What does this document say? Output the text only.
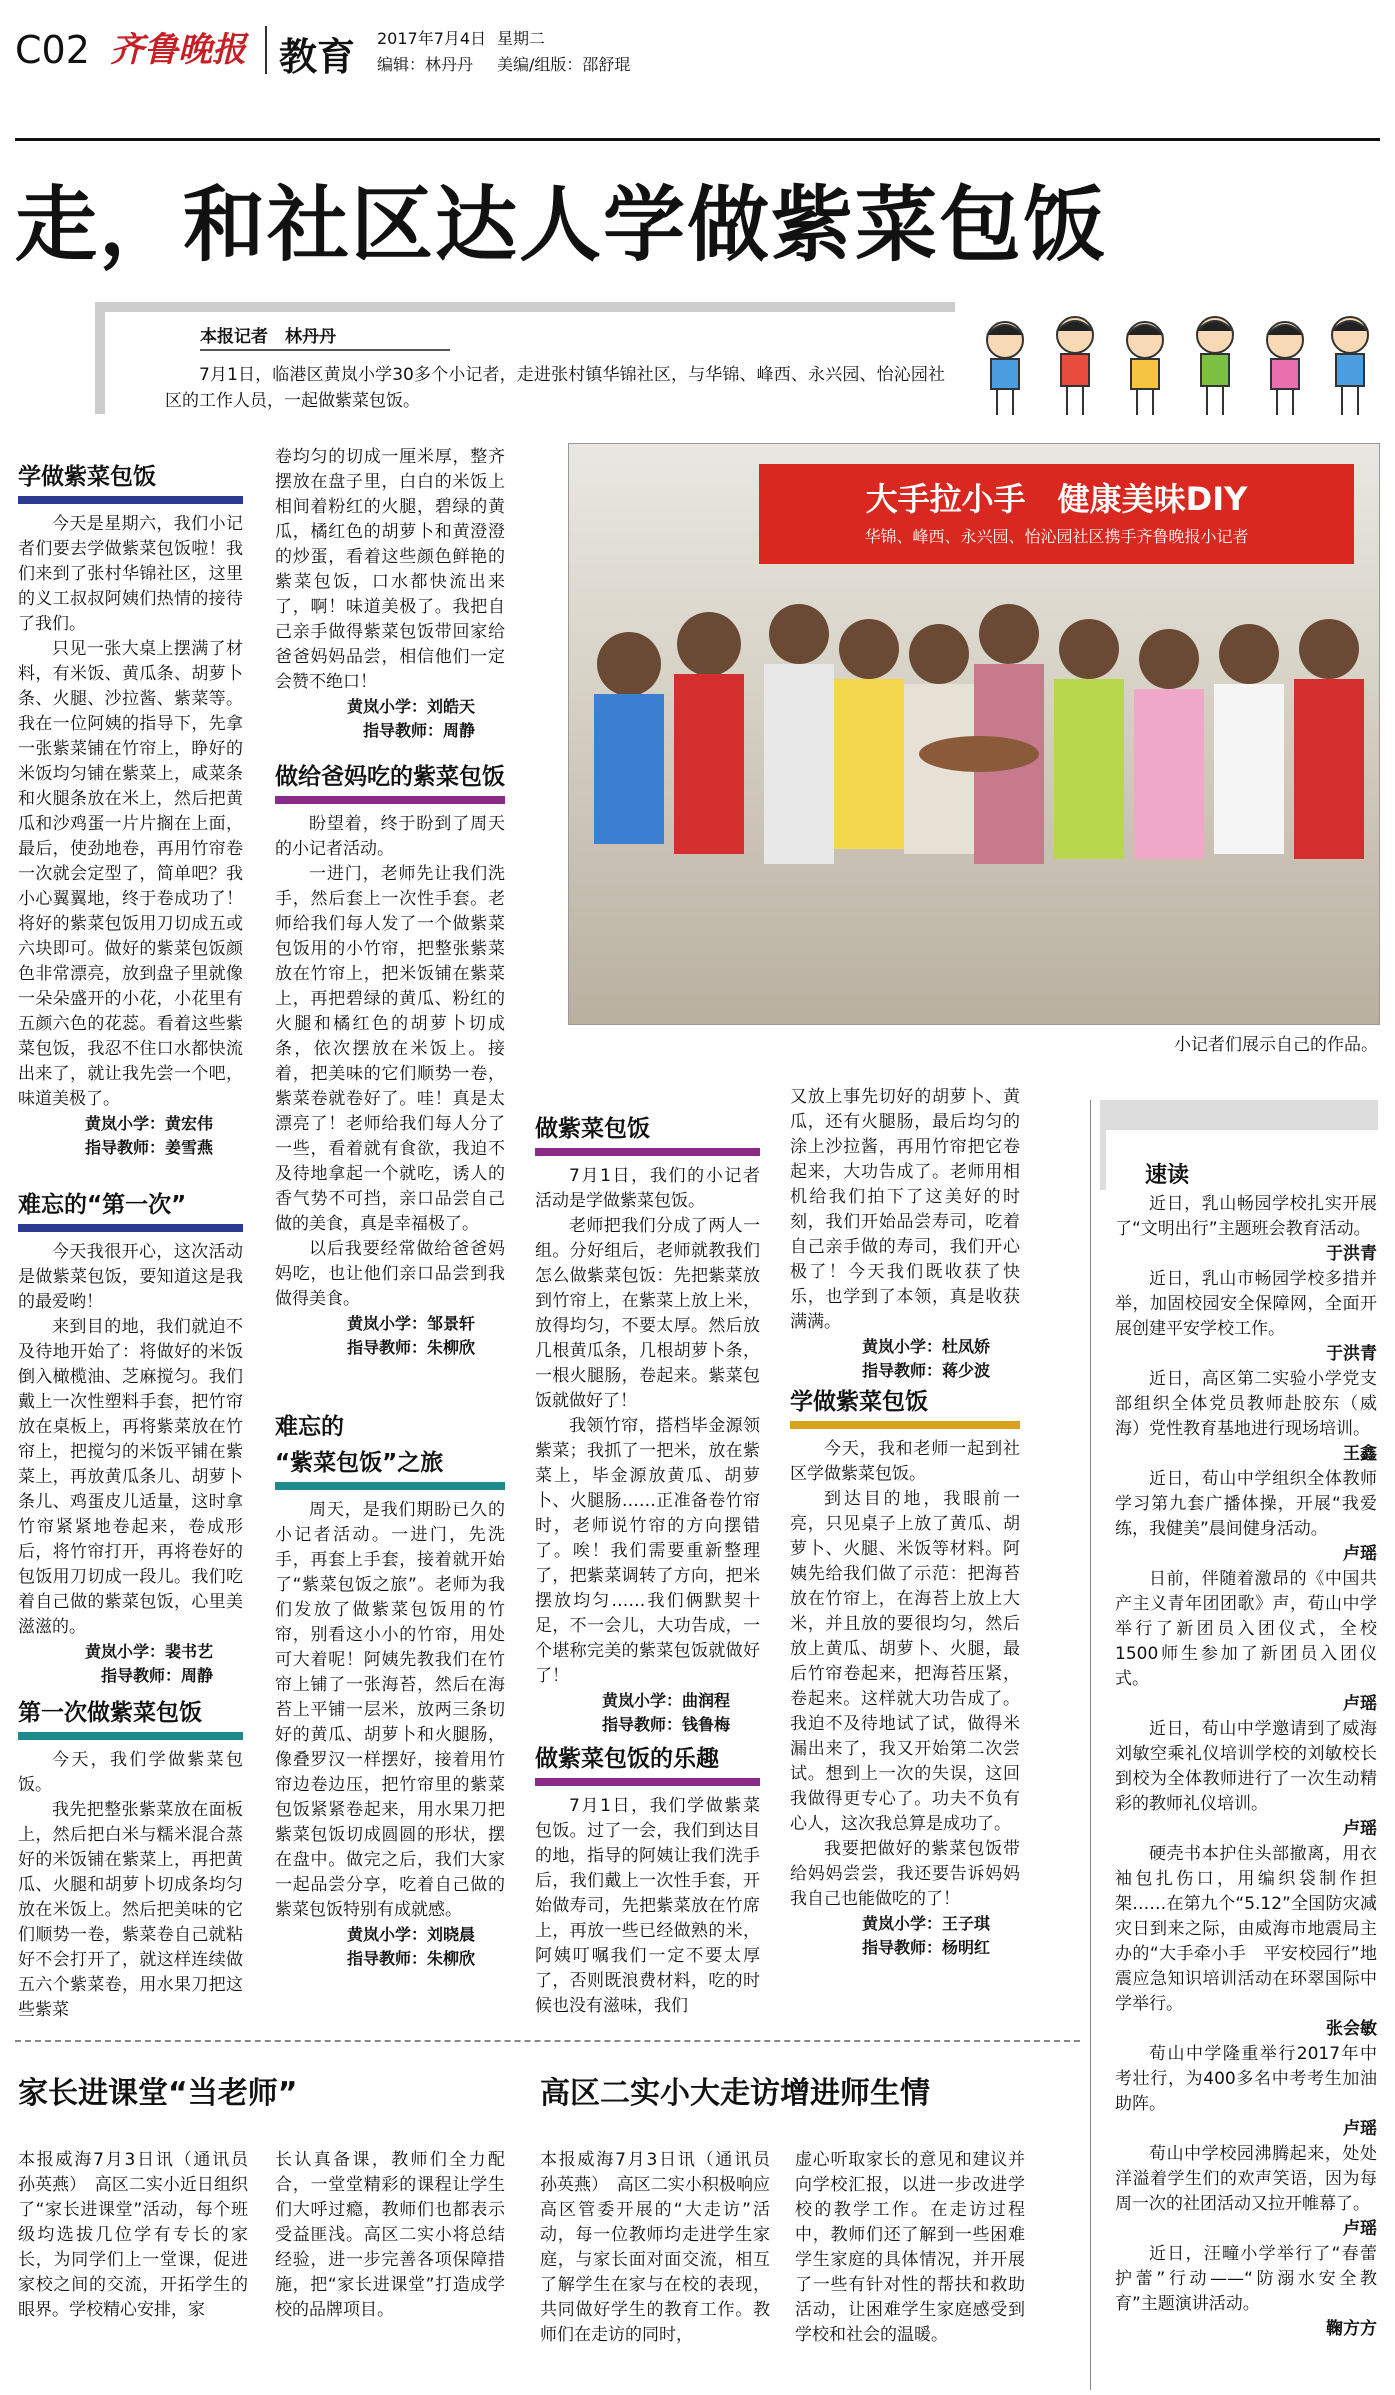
C02 齐鲁晚报 教育 2017年7月4日 星期二
编辑：林丹丹 美编/组版：邵舒琨
走，和社区达人学做紫菜包饭
本报记者　林丹丹
7月1日，临港区黄岚小学30多个小记者，走进张村镇华锦社区，与华锦、峰西、永兴园、怡沁园社区的工作人员，一起做紫菜包饭。
大手拉小手　健康美味DIY
华锦、峰西、永兴园、怡沁园社区携手齐鲁晚报小记者
小记者们展示自己的作品。
学做紫菜包饭

今天是星期六，我们小记者们要去学做紫菜包饭啦！我们来到了张村华锦社区，这里的义工叔叔阿姨们热情的接待了我们。

只见一张大桌上摆满了材料，有米饭、黄瓜条、胡萝卜条、火腿、沙拉酱、紫菜等。我在一位阿姨的指导下，先拿一张紫菜铺在竹帘上，睁好的米饭均匀铺在紫菜上，咸菜条和火腿条放在米上，然后把黄瓜和沙鸡蛋一片片搁在上面，最后，使劲地卷，再用竹帘卷一次就会定型了，简单吧？我小心翼翼地，终于卷成功了！将好的紫菜包饭用刀切成五或六块即可。做好的紫菜包饭颜色非常漂亮，放到盘子里就像一朵朵盛开的小花，小花里有五颜六色的花蕊。看着这些紫菜包饭，我忍不住口水都快流出来了，就让我先尝一个吧，味道美极了。

黄岚小学：黄宏伟
指导教师：姜雪燕
难忘的“第一次”

今天我很开心，这次活动是做紫菜包饭，要知道这是我的最爱哟！

来到目的地，我们就迫不及待地开始了：将做好的米饭倒入橄榄油、芝麻搅匀。我们戴上一次性塑料手套，把竹帘放在桌板上，再将紫菜放在竹帘上，把搅匀的米饭平铺在紫菜上，再放黄瓜条儿、胡萝卜条儿、鸡蛋皮儿适量，这时拿竹帘紧紧地卷起来，卷成形后，将竹帘打开，再将卷好的包饭用刀切成一段儿。我们吃着自己做的紫菜包饭，心里美滋滋的。

黄岚小学：裴书艺
指导教师：周静
第一次做紫菜包饭

今天，我们学做紫菜包饭。

我先把整张紫菜放在面板上，然后把白米与糯米混合蒸好的米饭铺在紫菜上，再把黄瓜、火腿和胡萝卜切成条均匀放在米饭上。然后把美味的它们顺势一卷，紫菜卷自己就粘好不会打开了，就这样连续做五六个紫菜卷，用水果刀把这些紫菜

卷均匀的切成一厘米厚，整齐摆放在盘子里，白白的米饭上相间着粉红的火腿，碧绿的黄瓜，橘红色的胡萝卜和黄澄澄的炒蛋，看着这些颜色鲜艳的紫菜包饭，口水都快流出来了，啊！味道美极了。我把自己亲手做得紫菜包饭带回家给爸爸妈妈品尝，相信他们一定会赞不绝口！

黄岚小学：刘皓天
指导教师：周静
做给爸妈吃的紫菜包饭

盼望着，终于盼到了周天的小记者活动。

一进门，老师先让我们洗手，然后套上一次性手套。老师给我们每人发了一个做紫菜包饭用的小竹帘，把整张紫菜放在竹帘上，把米饭铺在紫菜上，再把碧绿的黄瓜、粉红的火腿和橘红色的胡萝卜切成条，依次摆放在米饭上。接着，把美味的它们顺势一卷，紫菜卷就卷好了。哇！真是太漂亮了！老师给我们每人分了一些，看着就有食欲，我迫不及待地拿起一个就吃，诱人的香气势不可挡，亲口品尝自己做的美食，真是幸福极了。

以后我要经常做给爸爸妈妈吃，也让他们亲口品尝到我做得美食。

黄岚小学：邹景轩
指导教师：朱柳欣
难忘的
“紫菜包饭”之旅

周天，是我们期盼已久的小记者活动。一进门，先洗手，再套上手套，接着就开始了“紫菜包饭之旅”。老师为我们发放了做紫菜包饭用的竹帘，别看这小小的竹帘，用处可大着呢！阿姨先教我们在竹帘上铺了一张海苔，然后在海苔上平铺一层米，放两三条切好的黄瓜、胡萝卜和火腿肠，像叠罗汉一样摆好，接着用竹帘边卷边压，把竹帘里的紫菜包饭紧紧卷起来，用水果刀把紫菜包饭切成圆圆的形状，摆在盘中。做完之后，我们大家一起品尝分享，吃着自己做的紫菜包饭特别有成就感。

黄岚小学：刘晓晨
指导教师：朱柳欣
做紫菜包饭

7月1日，我们的小记者活动是学做紫菜包饭。

老师把我们分成了两人一组。分好组后，老师就教我们怎么做紫菜包饭：先把紫菜放到竹帘上，在紫菜上放上米，放得均匀，不要太厚。然后放几根黄瓜条，几根胡萝卜条，一根火腿肠，卷起来。紫菜包饭就做好了！

我领竹帘，搭档毕金源领紫菜；我抓了一把米，放在紫菜上，毕金源放黄瓜、胡萝卜、火腿肠……正准备卷竹帘时，老师说竹帘的方向摆错了。唉！我们需要重新整理了，把紫菜调转了方向，把米摆放均匀……我们俩默契十足，不一会儿，大功告成，一个堪称完美的紫菜包饭就做好了！

黄岚小学：曲润程
指导教师：钱鲁梅
做紫菜包饭的乐趣

7月1日，我们学做紫菜包饭。过了一会，我们到达目的地，指导的阿姨让我们洗手后，我们戴上一次性手套，开始做寿司，先把紫菜放在竹席上，再放一些已经做熟的米，阿姨叮嘱我们一定不要太厚了，否则既浪费材料，吃的时候也没有滋味，我们

又放上事先切好的胡萝卜、黄瓜，还有火腿肠，最后均匀的涂上沙拉酱，再用竹帘把它卷起来，大功告成了。老师用相机给我们拍下了这美好的时刻，我们开始品尝寿司，吃着自己亲手做的寿司，我们开心极了！今天我们既收获了快乐，也学到了本领，真是收获满满。

黄岚小学：杜凤娇
指导教师：蒋少波
学做紫菜包饭

今天，我和老师一起到社区学做紫菜包饭。

到达目的地，我眼前一亮，只见桌子上放了黄瓜、胡萝卜、火腿、米饭等材料。阿姨先给我们做了示范：把海苔放在竹帘上，在海苔上放上大米，并且放的要很均匀，然后放上黄瓜、胡萝卜、火腿，最后竹帘卷起来，把海苔压紧，卷起来。这样就大功告成了。我迫不及待地试了试，做得米漏出来了，我又开始第二次尝试。想到上一次的失误，这回我做得更专心了。功夫不负有心人，这次我总算是成功了。

我要把做好的紫菜包饭带给妈妈尝尝，我还要告诉妈妈我自己也能做吃的了！

黄岚小学：王子琪
指导教师：杨明红
速读

近日，乳山畅园学校扎实开展了“文明出行”主题班会教育活动。

于洪青

近日，乳山市畅园学校多措并举，加固校园安全保障网，全面开展创建平安学校工作。

于洪青

近日，高区第二实验小学党支部组织全体党员教师赴胶东（威海）党性教育基地进行现场培训。

王鑫

近日，荀山中学组织全体教师学习第九套广播体操，开展“我爱练，我健美”晨间健身活动。

卢瑶

日前，伴随着激昂的《中国共产主义青年团团歌》声，荀山中学举行了新团员入团仪式，全校1500师生参加了新团员入团仪式。

卢瑶

近日，荀山中学邀请到了威海刘敏空乘礼仪培训学校的刘敏校长到校为全体教师进行了一次生动精彩的教师礼仪培训。

卢瑶

硬壳书本护住头部撤离，用衣袖包扎伤口，用编织袋制作担架……在第九个“5.12”全国防灾减灾日到来之际，由威海市地震局主办的“大手牵小手　平安校园行”地震应急知识培训活动在环翠国际中学举行。

张会敏

荀山中学隆重举行2017年中考壮行，为400多名中考考生加油助阵。

卢瑶

荀山中学校园沸腾起来，处处洋溢着学生们的欢声笑语，因为每周一次的社团活动又拉开帷幕了。

卢瑶

近日，汪疃小学举行了“春蕾护蕾”行动——“防溺水安全教育”主题演讲活动。

鞠方方
家长进课堂“当老师”
本报威海7月3日讯（通讯员　孙英燕）　高区二实小近日组织了“家长进课堂”活动，每个班级均选拔几位学有专长的家长，为同学们上一堂课，促进家校之间的交流，开拓学生的眼界。学校精心安排，家
长认真备课，教师们全力配合，一堂堂精彩的课程让学生们大呼过瘾，教师们也都表示受益匪浅。高区二实小将总结经验，进一步完善各项保障措施，把“家长进课堂”打造成学校的品牌项目。
高区二实小大走访增进师生情
本报威海7月3日讯（通讯员　孙英燕）　高区二实小积极响应高区管委开展的“大走访”活动，每一位教师均走进学生家庭，与家长面对面交流，相互了解学生在家与在校的表现，共同做好学生的教育工作。教师们在走访的同时，
虚心听取家长的意见和建议并向学校汇报，以进一步改进学校的教学工作。在走访过程中，教师们还了解到一些困难学生家庭的具体情况，并开展了一些有针对性的帮扶和救助活动，让困难学生家庭感受到学校和社会的温暖。
